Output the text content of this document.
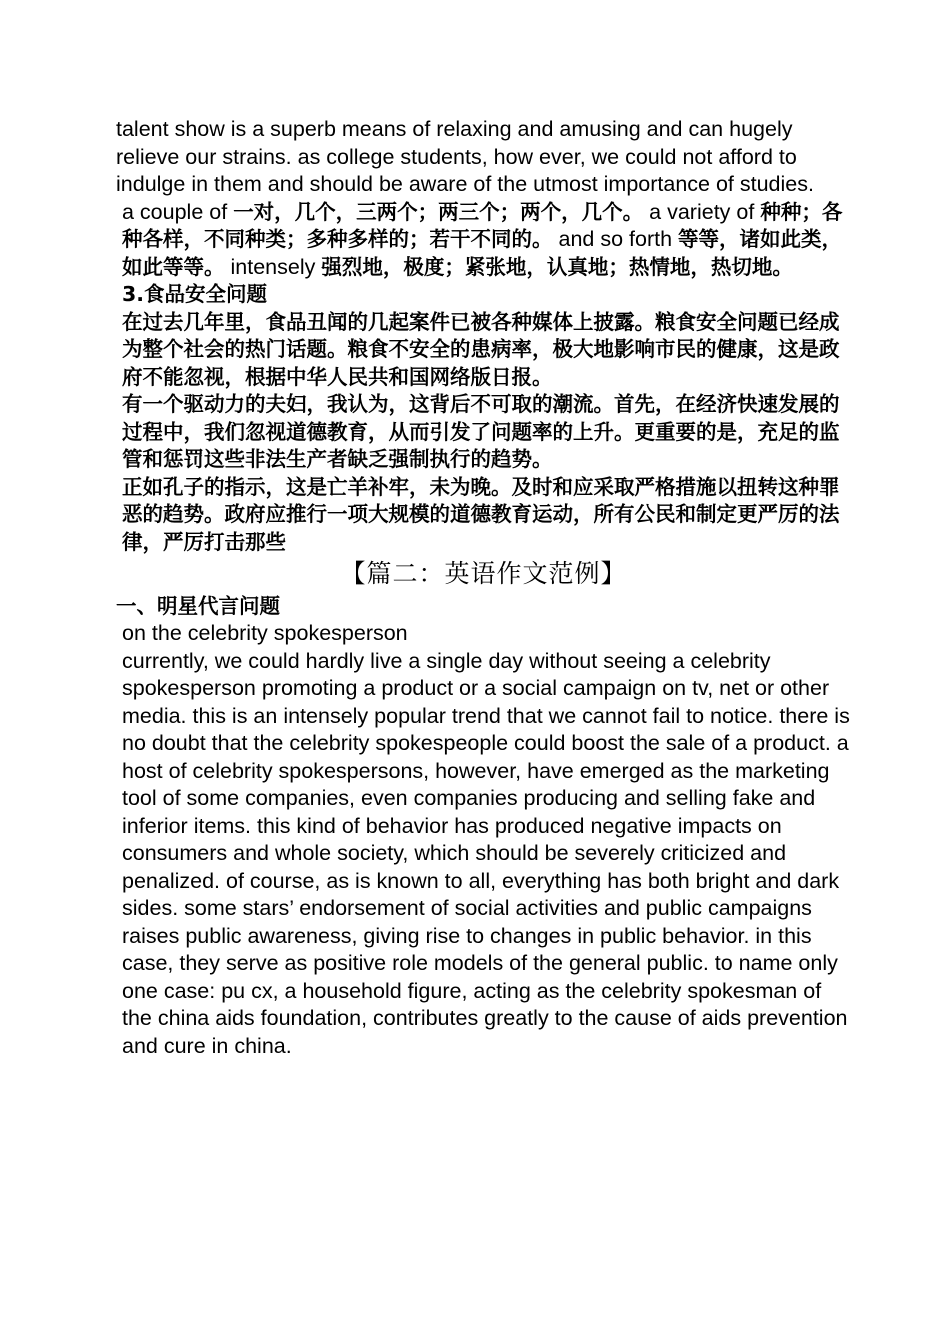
talent show is a superb means of relaxing and amusing and can hugely relieve our strains. as college students, how ever, we could not afford to indulge in them and should be aware of the utmost importance of studies.

a couple of 一对，几个，三两个；两三个；两个，几个。 a variety of 种种；各种各样，不同种类；多种多样的；若干不同的。 and so forth 等等，诸如此类，如此等等。 intensely 强烈地，极度；紧张地，认真地；热情地，热切地。

3.食品安全问题

在过去几年里，食品丑闻的几起案件已被各种媒体上披露。粮食安全问题已经成为整个社会的热门话题。粮食不安全的患病率，极大地影响市民的健康，这是政府不能忽视，根据中华人民共和国网络版日报。

有一个驱动力的夫妇，我认为，这背后不可取的潮流。首先，在经济快速发展的过程中，我们忽视道德教育，从而引发了问题率的上升。更重要的是，充足的监管和惩罚这些非法生产者缺乏强制执行的趋势。

正如孔子的指示，这是亡羊补牢，未为晚。及时和应采取严格措施以扭转这种罪恶的趋势。政府应推行一项大规模的道德教育运动，所有公民和制定更严厉的法律，严厉打击那些

【篇二：英语作文范例】

一、明星代言问题

on the celebrity spokesperson

currently, we could hardly live a single day without seeing a celebrity spokesperson promoting a product or a social campaign on tv, net or other media. this is an intensely popular trend that we cannot fail to notice. there is no doubt that the celebrity spokespeople could boost the sale of a product. a host of celebrity spokespersons, however, have emerged as the marketing tool of some companies, even companies producing and selling fake and inferior items. this kind of behavior has produced negative impacts on consumers and whole society, which should be severely criticized and penalized. of course, as is known to all, everything has both bright and dark sides. some stars’ endorsement of social activities and public campaigns raises public awareness, giving rise to changes in public behavior. in this case, they serve as positive role models of the general public. to name only one case: pu cx, a household figure, acting as the celebrity spokesman of the china aids foundation, contributes greatly to the cause of aids prevention and cure in china.
